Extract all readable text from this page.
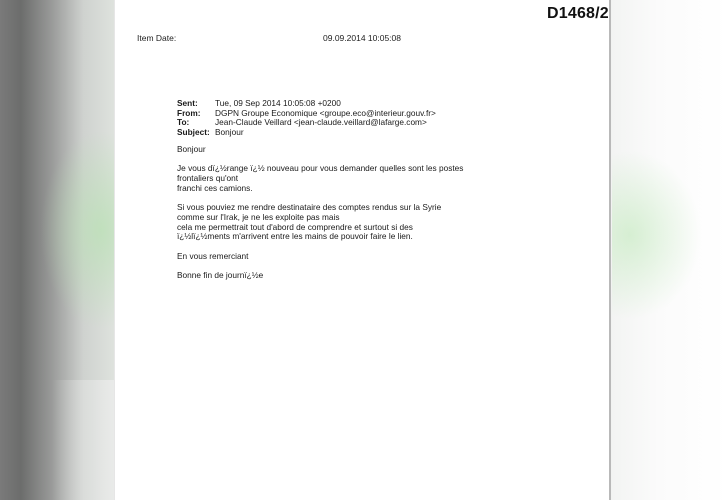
D1468/2
Item Date:	09.09.2014 10:05:08
Sent:	Tue, 09 Sep 2014 10:05:08 +0200
From:	DGPN Groupe Economique <groupe.eco@interieur.gouv.fr>
To:	Jean-Claude Veillard <jean-claude.veillard@lafarge.com>
Subject: Bonjour
Bonjour
Je vous dï¿½range ï¿½ nouveau pour vous demander quelles sont les postes
frontaliers qu'ont
franchi ces camions.
Si vous pouviez me rendre destinataire des comptes rendus sur la Syrie
comme sur l'Irak, je ne les exploite pas mais
cela me permettrait tout d'abord de comprendre et surtout si des
ï¿½lï¿½ments m'arrivent entre les mains de pouvoir faire le lien.
En vous remerciant
Bonne fin de journï¿½e
